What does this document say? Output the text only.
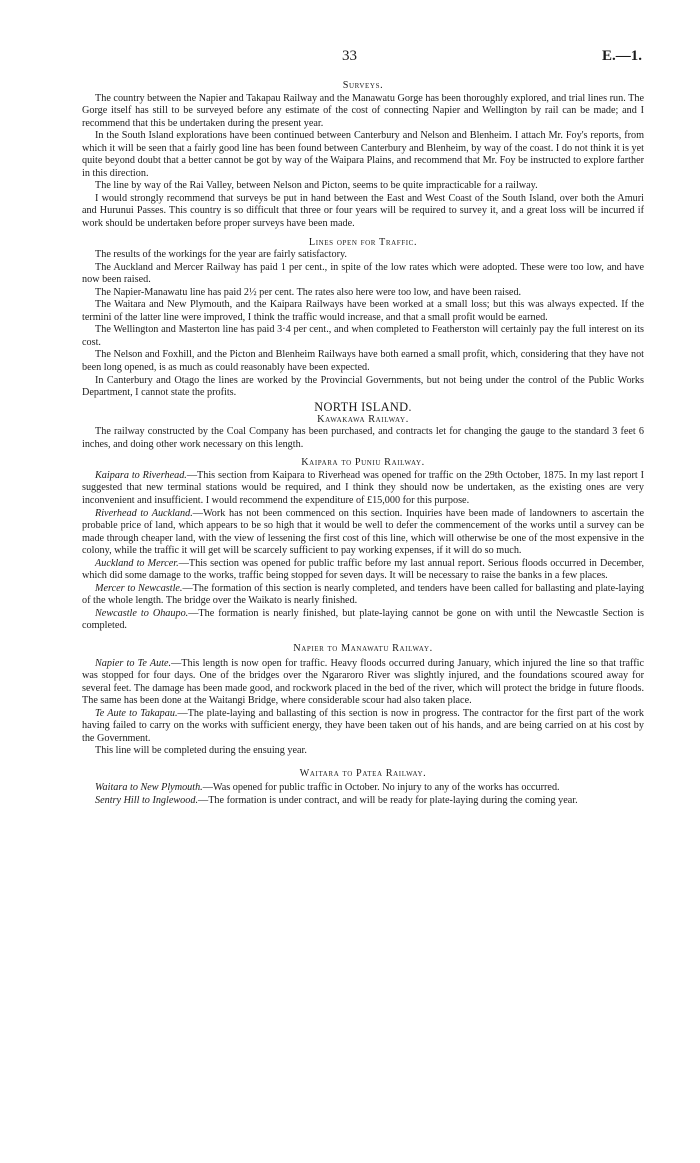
33	E.—1.
Surveys.

The country between the Napier and Takapau Railway and the Manawatu Gorge has been thoroughly explored, and trial lines run. The Gorge itself has still to be surveyed before any estimate of the cost of connecting Napier and Wellington by rail can be made; and I recommend that this be undertaken during the present year.

In the South Island explorations have been continued between Canterbury and Nelson and Blenheim. I attach Mr. Foy's reports, from which it will be seen that a fairly good line has been found between Canterbury and Blenheim, by way of the coast. I do not think it is yet quite beyond doubt that a better cannot be got by way of the Waipara Plains, and recommend that Mr. Foy be instructed to explore farther in this direction.

The line by way of the Rai Valley, between Nelson and Picton, seems to be quite impracticable for a railway.

I would strongly recommend that surveys be put in hand between the East and West Coast of the South Island, over both the Amuri and Hurunui Passes. This country is so difficult that three or four years will be required to survey it, and a great loss will be incurred if work should be undertaken before proper surveys have been made.

Lines open for Traffic.

The results of the workings for the year are fairly satisfactory.

The Auckland and Mercer Railway has paid 1 per cent., in spite of the low rates which were adopted. These were too low, and have now been raised.

The Napier-Manawatu line has paid 2½ per cent. The rates also here were too low, and have been raised.

The Waitara and New Plymouth, and the Kaipara Railways have been worked at a small loss; but this was always expected. If the termini of the latter line were improved, I think the traffic would increase, and that a small profit would be earned.

The Wellington and Masterton line has paid 3·4 per cent., and when completed to Featherston will certainly pay the full interest on its cost.

The Nelson and Foxhill, and the Picton and Blenheim Railways have both earned a small profit, which, considering that they have not been long opened, is as much as could reasonably have been expected.

In Canterbury and Otago the lines are worked by the Provincial Governments, but not being under the control of the Public Works Department, I cannot state the profits.

NORTH ISLAND.
Kawakawa Railway.

The railway constructed by the Coal Company has been purchased, and contracts let for changing the gauge to the standard 3 feet 6 inches, and doing other work necessary on this length.

Kaipara to Puniu Railway.

Kaipara to Riverhead.—This section from Kaipara to Riverhead was opened for traffic on the 29th October, 1875. In my last report I suggested that new terminal stations would be required, and I think they should now be undertaken, as the existing ones are very inconvenient and insufficient. I would recommend the expenditure of £15,000 for this purpose.

Riverhead to Auckland.—Work has not been commenced on this section. Inquiries have been made of landowners to ascertain the probable price of land, which appears to be so high that it would be well to defer the commencement of the works until a survey can be made through cheaper land, with the view of lessening the first cost of this line, which will otherwise be one of the most expensive in the colony, while the traffic it will get will be scarcely sufficient to pay working expenses, if it will do so much.

Auckland to Mercer.—This section was opened for public traffic before my last annual report. Serious floods occurred in December, which did some damage to the works, traffic being stopped for seven days. It will be necessary to raise the banks in a few places.

Mercer to Newcastle.—The formation of this section is nearly completed, and tenders have been called for ballasting and plate-laying of the whole length. The bridge over the Waikato is nearly finished.

Newcastle to Ohaupo.—The formation is nearly finished, but plate-laying cannot be gone on with until the Newcastle Section is completed.

Napier to Manawatu Railway.

Napier to Te Aute.—This length is now open for traffic. Heavy floods occurred during January, which injured the line so that traffic was stopped for four days. One of the bridges over the Ngararoro River was slightly injured, and the foundations scoured away for several feet. The damage has been made good, and rockwork placed in the bed of the river, which will protect the bridge in future floods. The same has been done at the Waitangi Bridge, where considerable scour had also taken place.

Te Aute to Takapau.—The plate-laying and ballasting of this section is now in progress. The contractor for the first part of the work having failed to carry on the works with sufficient energy, they have been taken out of his hands, and are being carried on at his cost by the Government.

This line will be completed during the ensuing year.

Waitara to Patea Railway.

Waitara to New Plymouth.—Was opened for public traffic in October. No injury to any of the works has occurred.

Sentry Hill to Inglewood.—The formation is under contract, and will be ready for plate-laying during the coming year.
